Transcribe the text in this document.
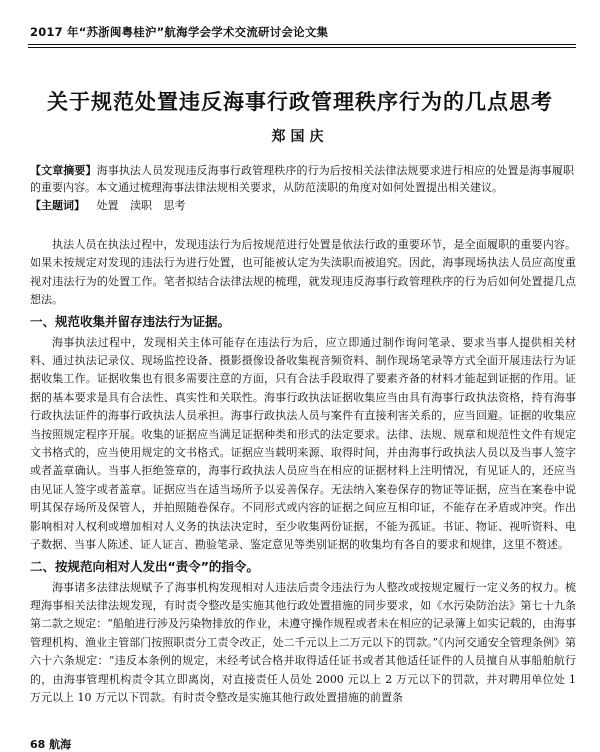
2017 年“苏浙闽粤桂沪”航海学会学术交流研讨会论文集
关于规范处置违反海事行政管理秩序行为的几点思考
郑国庆
【文章摘要】海事执法人员发现违反海事行政管理秩序的行为后按相关法律法规要求进行相应的处置是海事履职的重要内容。本文通过梳理海事法律法规相关要求，从防范渎职的角度对如何处置提出相关建议。
【主题词】 处置 渎职 思考

执法人员在执法过程中，发现违法行为后按规范进行处置是依法行政的重要环节，是全面履职的重要内容。如果未按规定对发现的违法行为进行处置，也可能被认定为失渎职而被追究。因此，海事现场执法人员应高度重视对违法行为的处置工作。笔者拟结合法律法规的梳理，就发现违反海事行政管理秩序的行为后如何处置提几点想法。

一、规范收集并留存违法行为证据。

海事执法过程中，发现相关主体可能存在违法行为后，应立即通过制作询问笔录、要求当事人提供相关材料、通过执法记录仪、现场监控设备、摄影摄像设备收集视音频资料、制作现场笔录等方式全面开展违法行为证据收集工作。证据收集也有很多需要注意的方面，只有合法手段取得了要素齐备的材料才能起到证据的作用。证据的基本要求是具有合法性、真实性和关联性。海事行政执法证据收集应当由具有海事行政执法资格，持有海事行政执法证件的海事行政执法人员承担。海事行政执法人员与案件有直接利害关系的，应当回避。证据的收集应当按照规定程序开展。收集的证据应当满足证据种类和形式的法定要求。法律、法规、规章和规范性文件有规定文书格式的，应当使用规定的文书格式。证据应当载明来源、取得时间，并由海事行政执法人员以及当事人签字或者盖章确认。当事人拒绝签章的，海事行政执法人员应当在相应的证据材料上注明情况，有见证人的，还应当由见证人签字或者盖章。证据应当在适当场所予以妥善保存。无法纳入案卷保存的物证等证据，应当在案卷中说明其保存场所及保管人，并拍照随卷保存。不同形式或内容的证据之间应互相印证，不能存在矛盾或冲突。作出影响相对人权利或增加相对人义务的执法决定时，至少收集两份证据，不能为孤证。书证、物证、视听资料、电子数据、当事人陈述、证人证言、勘验笔录、鉴定意见等类别证据的收集均有各自的要求和规律，这里不赘述。

二、按规范向相对人发出“责令”的指令。

海事诸多法律法规赋予了海事机构发现相对人违法后责令违法行为人整改或按规定履行一定义务的权力。梳理海事相关法律法规发现，有时责令整改是实施其他行政处置措施的同步要求，如《水污染防治法》第七十九条第二款之规定：“船舶进行涉及污染物排放的作业，未遵守操作规程或者未在相应的记录簿上如实记载的，由海事管理机构、渔业主管部门按照职责分工责令改正，处二千元以上二万元以下的罚款。”《内河交通安全管理条例》第六十六条规定：“违反本条例的规定，未经考试合格并取得适任证书或者其他适任证件的人员擅自从事船舶航行的，由海事管理机构责令其立即离岗，对直接责任人员处 2000 元以上 2 万元以下的罚款，并对聘用单位处 1 万元以上 10 万元以下罚款。有时责令整改是实施其他行政处置措施的前置条

68 航海
